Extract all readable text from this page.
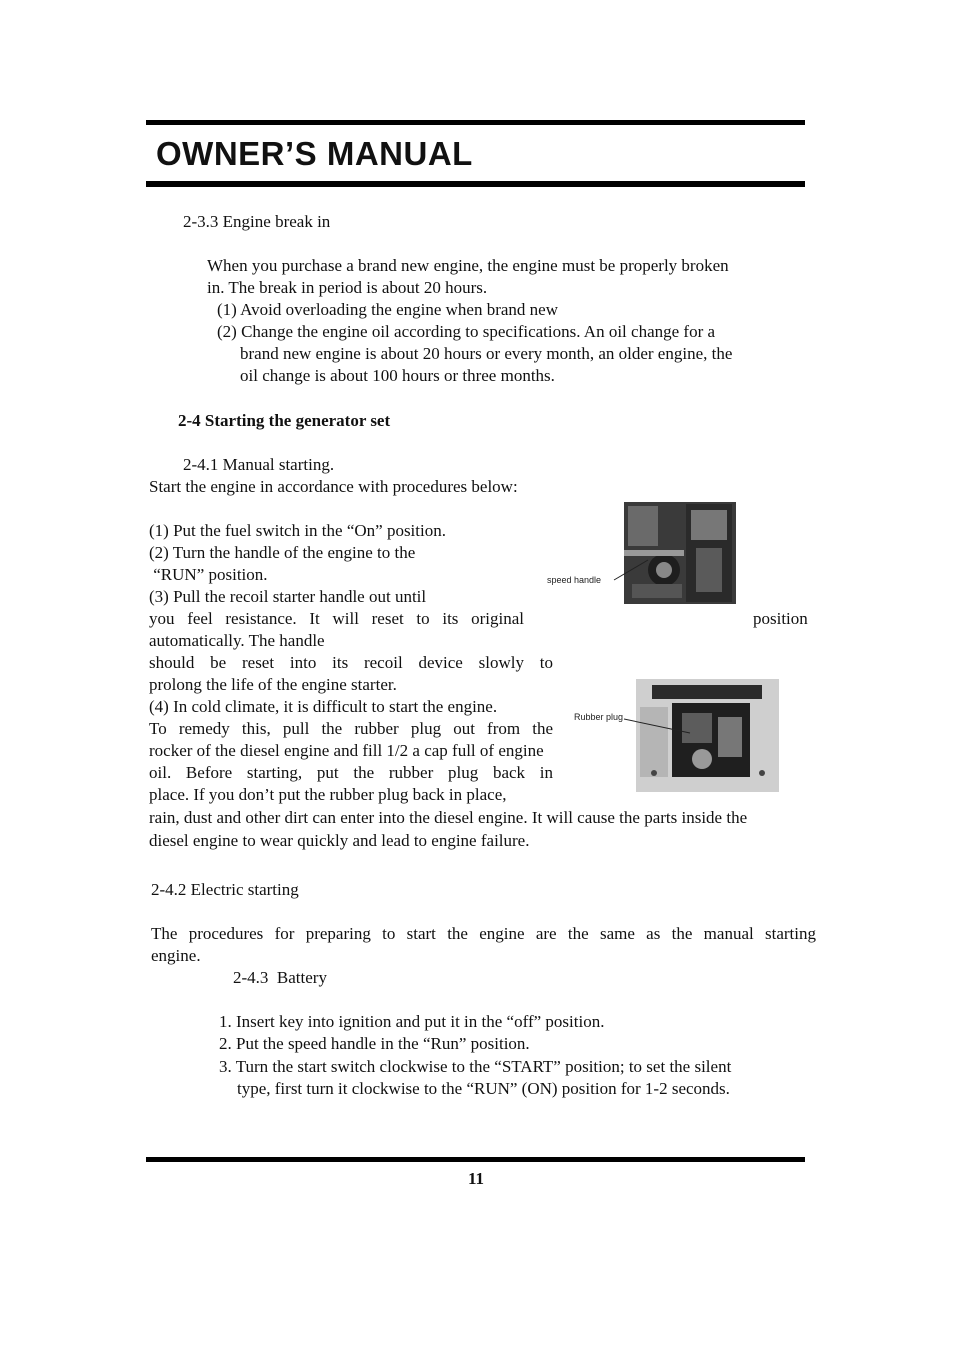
OWNER’S MANUAL
2-3.3 Engine break in
When you purchase a brand new engine, the engine must be properly broken
in. The break in period is about 20 hours.
(1) Avoid overloading the engine when brand new
(2) Change the engine oil according to specifications. An oil change for a
brand new engine is about 20 hours or every month, an older engine, the
oil change is about 100 hours or three months.
2-4 Starting the generator set
2-4.1 Manual starting.
Start the engine in accordance with procedures below:
(1) Put the fuel switch in the “On” position.
(2) Turn the handle of the engine to the
“RUN” position.
(3) Pull the recoil starter handle out until
you feel resistance. It will reset to its original	position
automatically. The handle
should be reset into its recoil device slowly to
prolong the life of the engine starter.
(4) In cold climate, it is difficult to start the engine.
To remedy this, pull the rubber plug out from the
rocker of the diesel engine and fill 1/2 a cap full of engine
oil. Before starting, put the rubber plug back in
place. If you don’t put the rubber plug back in place,
rain, dust and other dirt can enter into the diesel engine. It will cause the parts inside the
diesel engine to wear quickly and lead to engine failure.
speed handle
Rubber plug
2-4.2 Electric starting
The procedures for preparing to start the engine are the same as the manual starting
engine.
2-4.3  Battery
1. Insert key into ignition and put it in the “off” position.
2. Put the speed handle in the “Run” position.
3. Turn the start switch clockwise to the “START” position; to set the silent
type, first turn it clockwise to the “RUN” (ON) position for 1-2 seconds.
11
